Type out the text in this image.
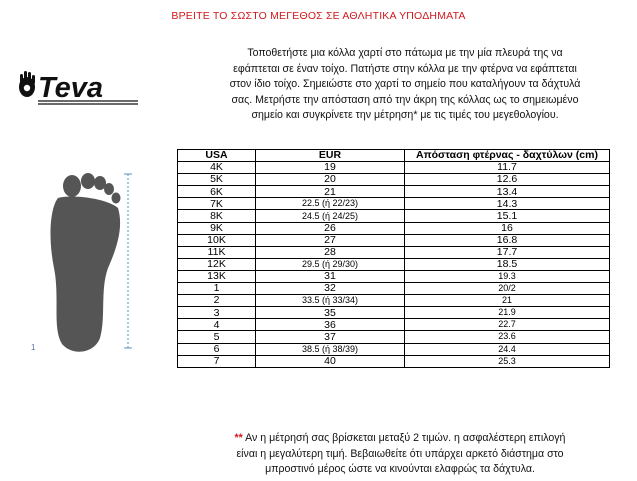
ΒΡΕΙΤΕ ΤΟ ΣΩΣΤΟ ΜΕΓΕΘΟΣ ΣΕ ΑΘΛΗΤΙΚΑ ΥΠΟΔΗΜΑΤΑ
Τοποθετήστε μια κόλλα χαρτί στο πάτωμα με την μία πλευρά της να
εφάπτεται σε έναν τοίχο. Πατήστε στην κόλλα με την φτέρνα να εφάπτεται
στον ίδιο τοίχο. Σημειώστε στο χαρτί το σημείο που καταλήγουν τα δάχτυλά
σας. Μετρήστε την απόσταση από την άκρη της κόλλας ως το σημειωμένο
σημείο και συγκρίνετε την μέτρηση* με τις τιμές του μεγεθολογίου.
Teva
1
USA	EUR	Απόσταση φτέρνας - δαχτύλων (cm)
4K	19	11.7
5K	20	12.6
6K	21	13.4
7K	22.5 (ή 22/23)	14.3
8K	24.5 (ή 24/25)	15.1
9K	26	16
10K	27	16.8
11K	28	17.7
12K	29.5 (ή 29/30)	18.5
13K	31	19.3
1	32	20/2
2	33.5 (ή 33/34)	21
3	35	21.9
4	36	22.7
5	37	23.6
6	38.5 (ή 38/39)	24.4
7	40	25.3
** Αν η μέτρησή σας βρίσκεται μεταξύ 2 τιμών. η ασφαλέστερη επιλογή
είναι η μεγαλύτερη τιμή. Βεβαιωθείτε ότι υπάρχει αρκετό διάστημα στο
μπροστινό μέρος ώστε να κινούνται ελαφρώς τα δάχτυλα.
